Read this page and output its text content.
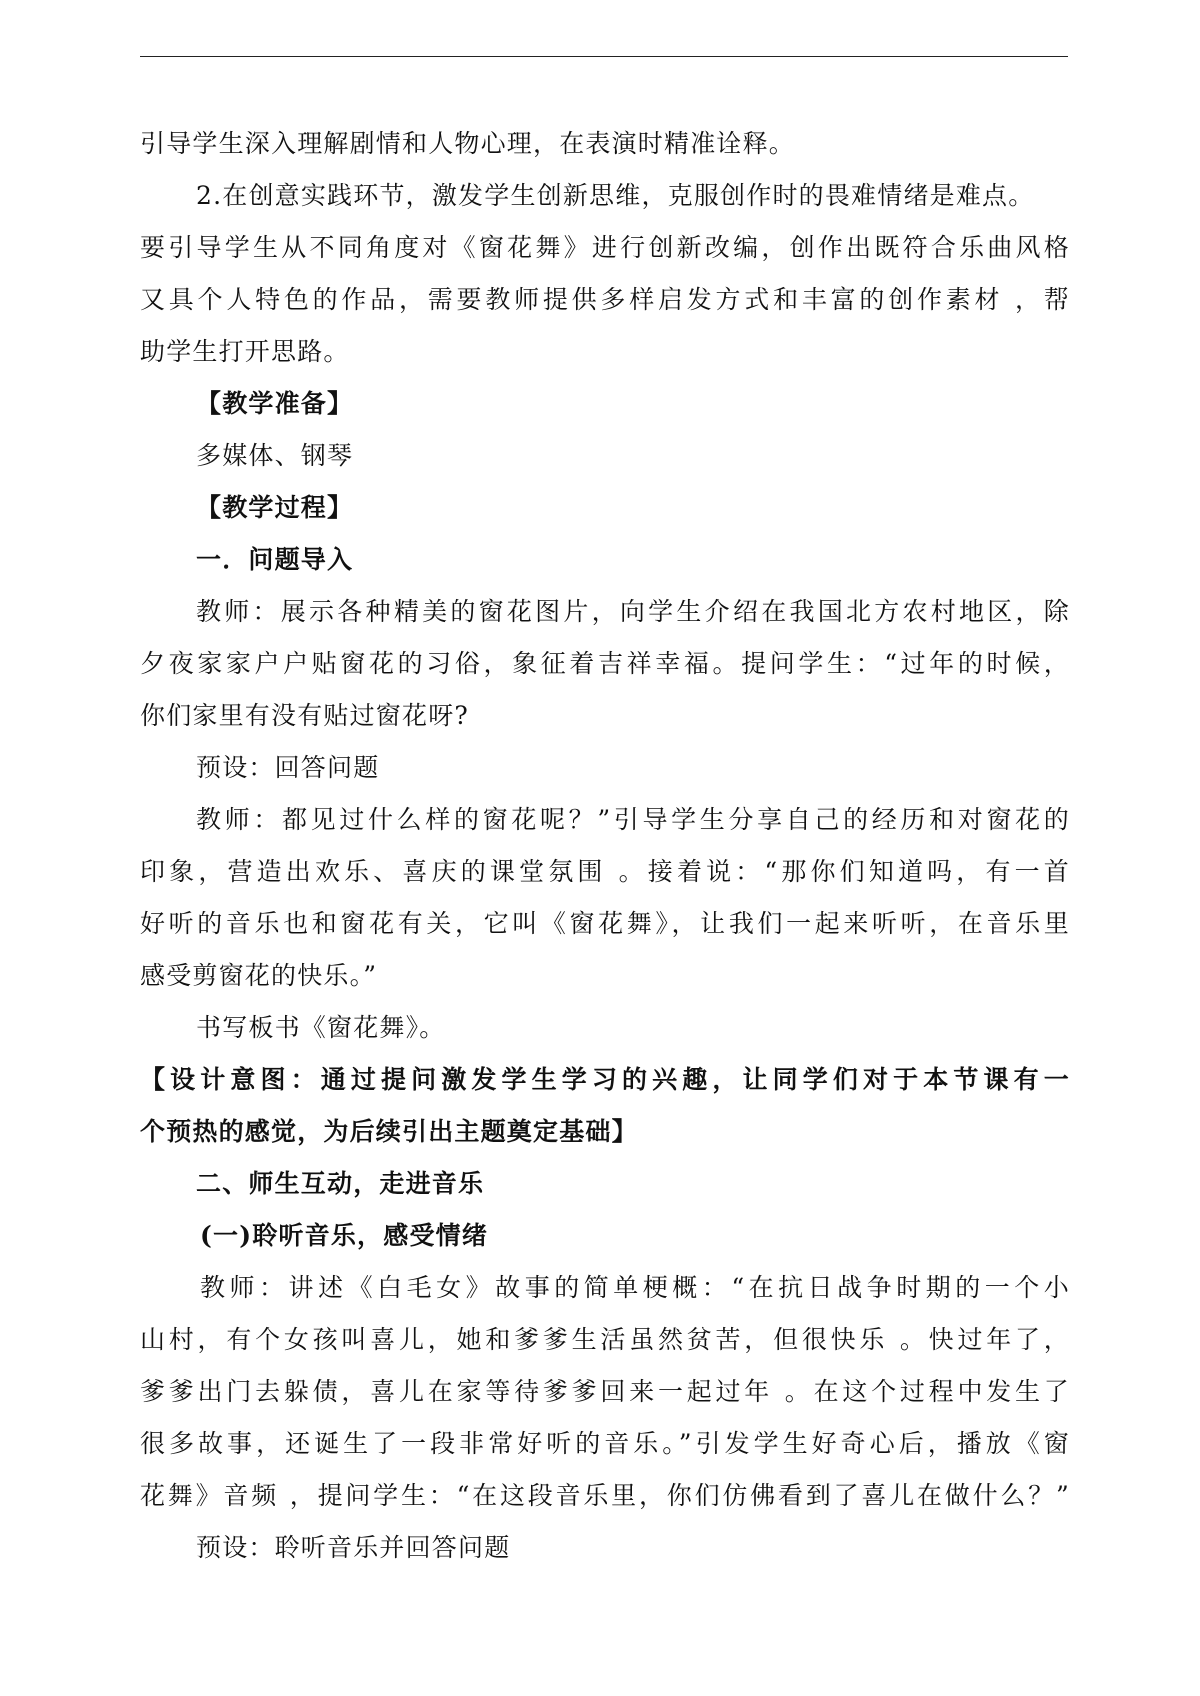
引导学生深入理解剧情和人物心理，在表演时精准诠释。
2.在创意实践环节，激发学生创新思维，克服创作时的畏难情绪是难点。
要引导学生从不同角度对《窗花舞》进行创新改编，创作出既符合乐曲风格
又具个人特色的作品，需要教师提供多样启发方式和丰富的创作素材 ，帮
助学生打开思路。
【教学准备】
多媒体、钢琴
【教学过程】
一．问题导入
教师：展示各种精美的窗花图片，向学生介绍在我国北方农村地区，除
夕夜家家户户贴窗花的习俗，象征着吉祥幸福。提问学生：“过年的时候，
你们家里有没有贴过窗花呀?
预设：回答问题
教师：都见过什么样的窗花呢？”引导学生分享自己的经历和对窗花的
印象，营造出欢乐、喜庆的课堂氛围 。接着说：“那你们知道吗，有一首
好听的音乐也和窗花有关，它叫《窗花舞》，让我们一起来听听，在音乐里
感受剪窗花的快乐。”
书写板书《窗花舞》。
【设计意图：通过提问激发学生学习的兴趣，让同学们对于本节课有一
个预热的感觉，为后续引出主题奠定基础】
二、师生互动，走进音乐
(一)聆听音乐，感受情绪
教师：讲述《白毛女》故事的简单梗概：“在抗日战争时期的一个小
山村，有个女孩叫喜儿，她和爹爹生活虽然贫苦，但很快乐 。快过年了，
爹爹出门去躲债，喜儿在家等待爹爹回来一起过年 。在这个过程中发生了
很多故事，还诞生了一段非常好听的音乐。”引发学生好奇心后，播放《窗
花舞》音频 ，提问学生：“在这段音乐里，你们仿佛看到了喜儿在做什么？”
预设：聆听音乐并回答问题
